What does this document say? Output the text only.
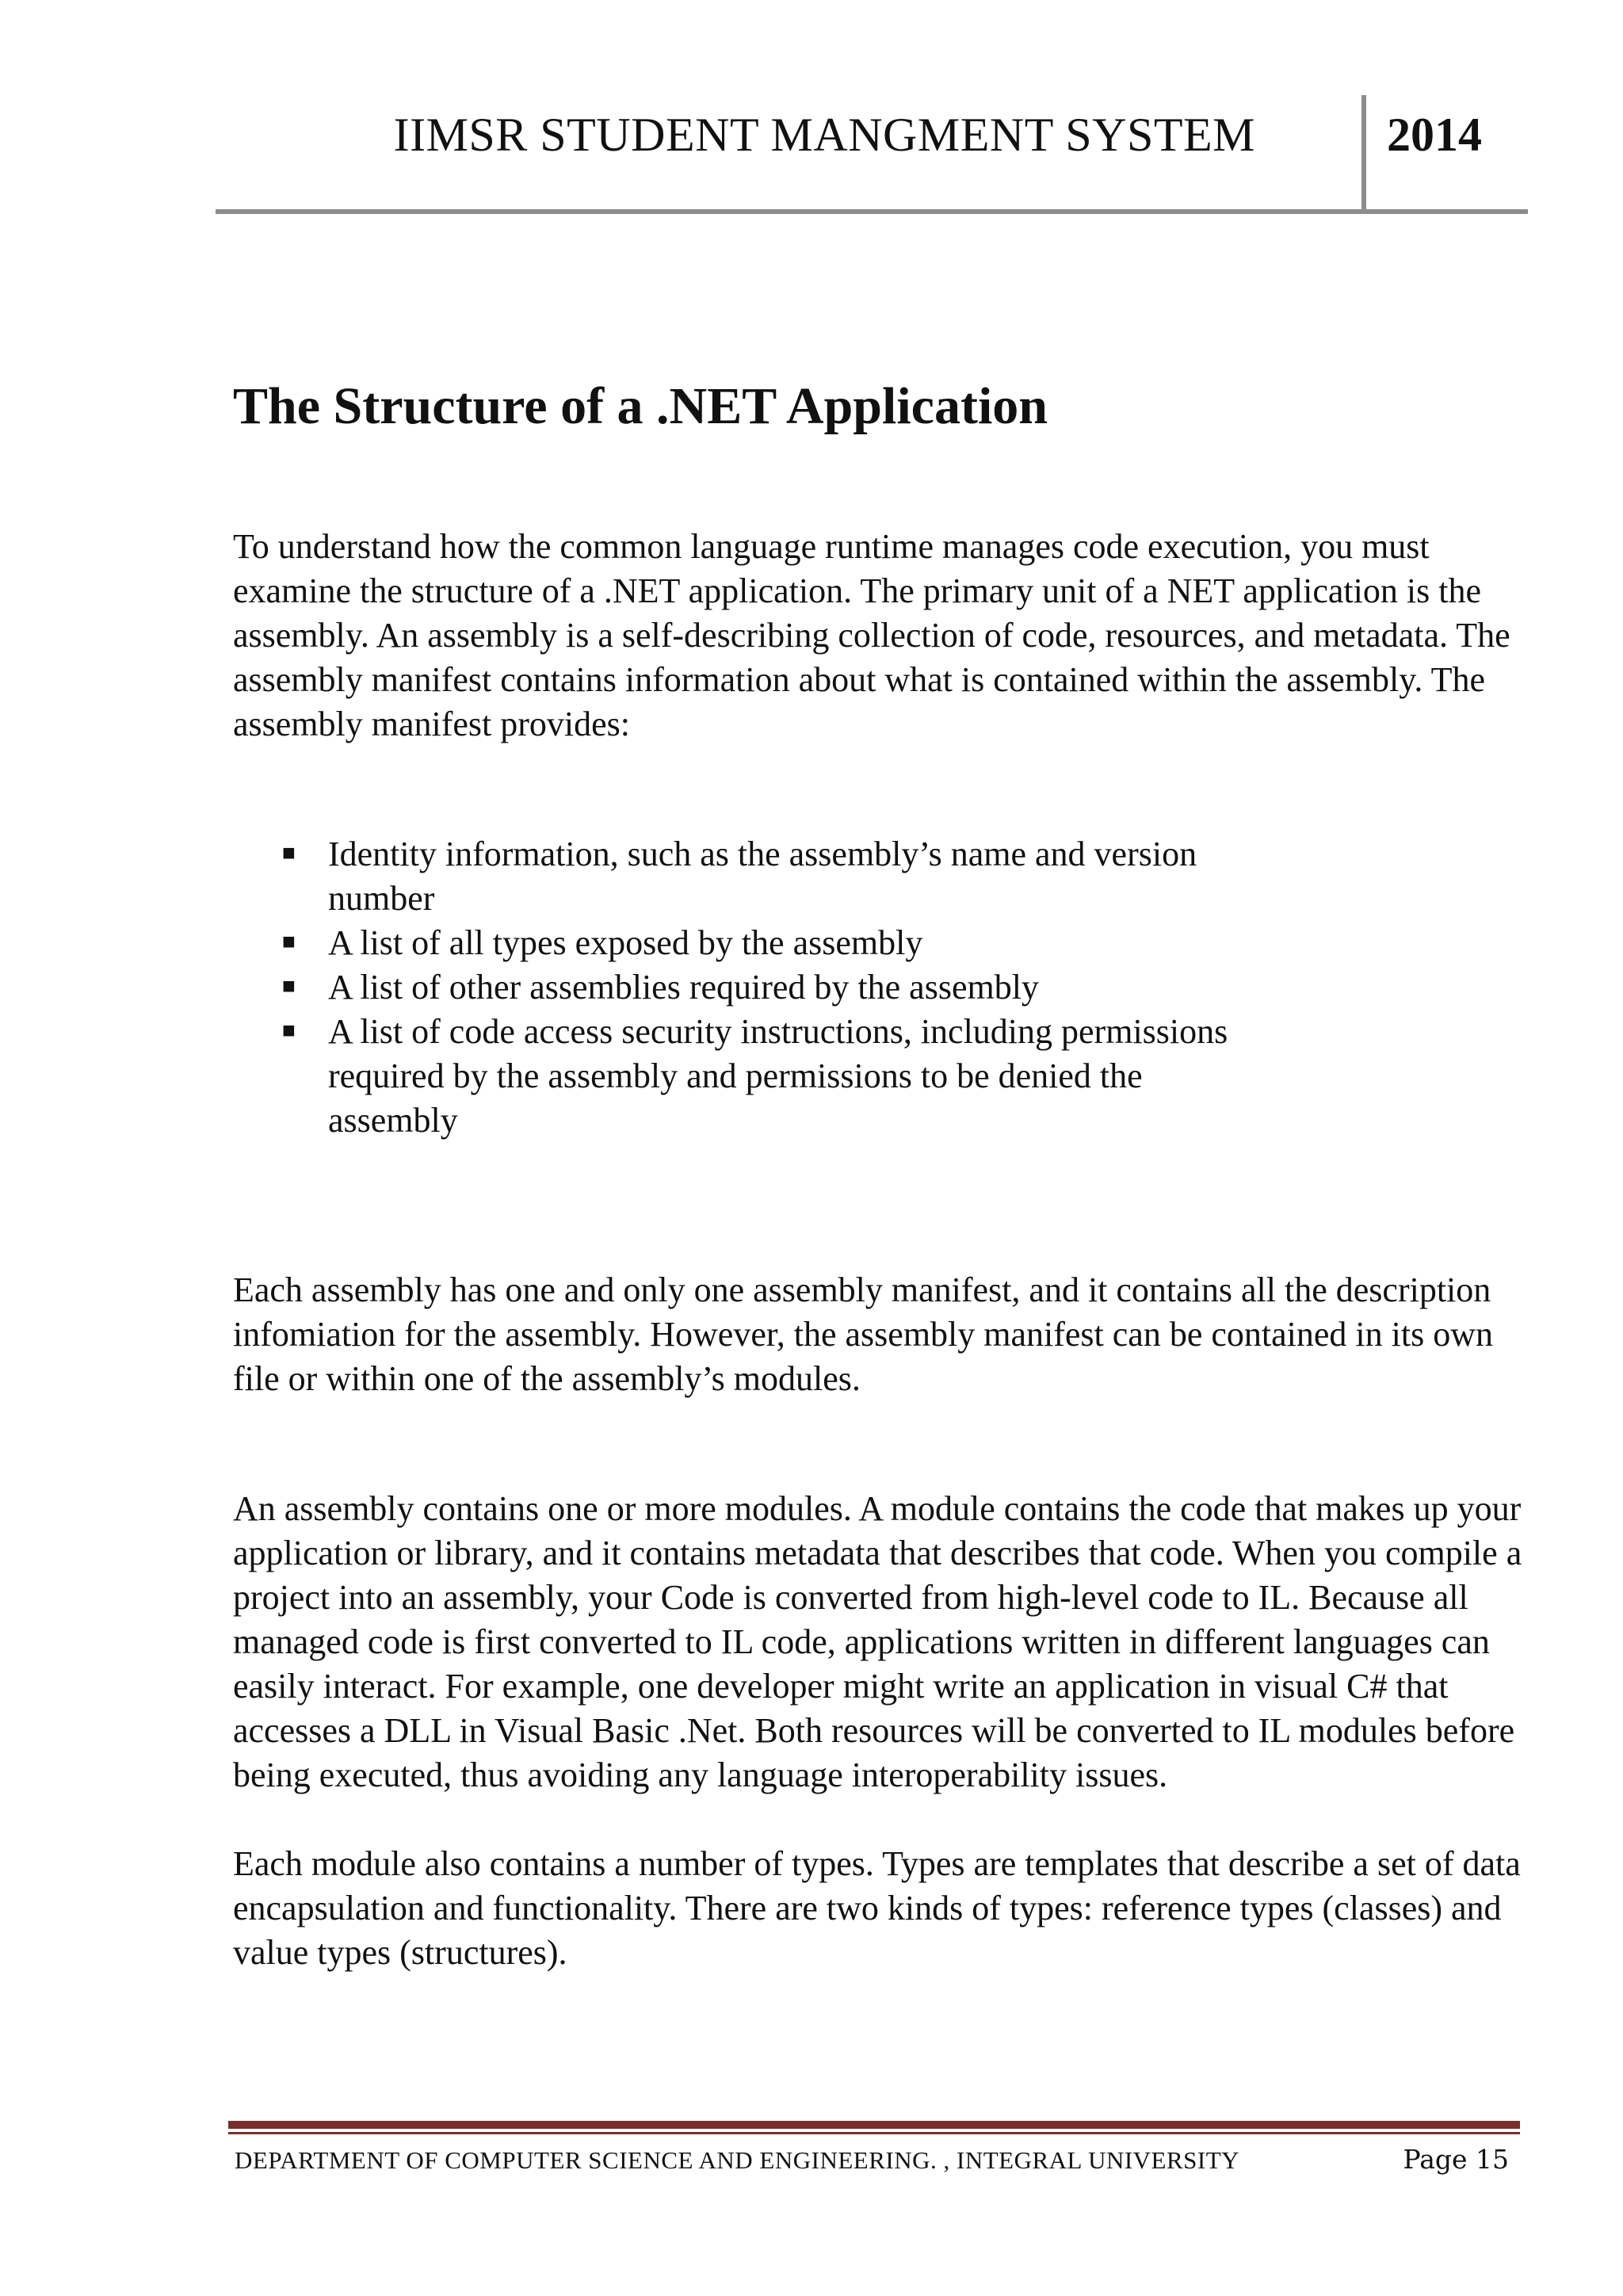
IIMSR STUDENT MANGMENT SYSTEM	2014
The Structure of a .NET Application

To understand how the common language runtime manages code execution, you must examine the structure of a .NET application. The primary unit of a NET application is the assembly. An assembly is a self-describing collection of code, resources, and metadata. The assembly manifest contains information about what is contained within the assembly. The assembly manifest provides:

■ Identity information, such as the assembly’s name and version number
■ A list of all types exposed by the assembly
■ A list of other assemblies required by the assembly
■ A list of code access security instructions, including permissions required by the assembly and permissions to be denied the assembly

Each assembly has one and only one assembly manifest, and it contains all the description infomiation for the assembly. However, the assembly manifest can be contained in its own file or within one of the assembly’s modules.

An assembly contains one or more modules. A module contains the code that makes up your application or library, and it contains metadata that describes that code. When you compile a project into an assembly, your Code is converted from high-level code to IL. Because all managed code is first converted to IL code, applications written in different languages can easily interact. For example, one developer might write an application in visual C# that accesses a DLL in Visual Basic .Net. Both resources will be converted to IL modules before being executed, thus avoiding any language interoperability issues.

Each module also contains a number of types. Types are templates that describe a set of data encapsulation and functionality. There are two kinds of types: reference types (classes) and value types (structures).

DEPARTMENT OF COMPUTER SCIENCE AND ENGINEERING. , INTEGRAL UNIVERSITY	Page 15
